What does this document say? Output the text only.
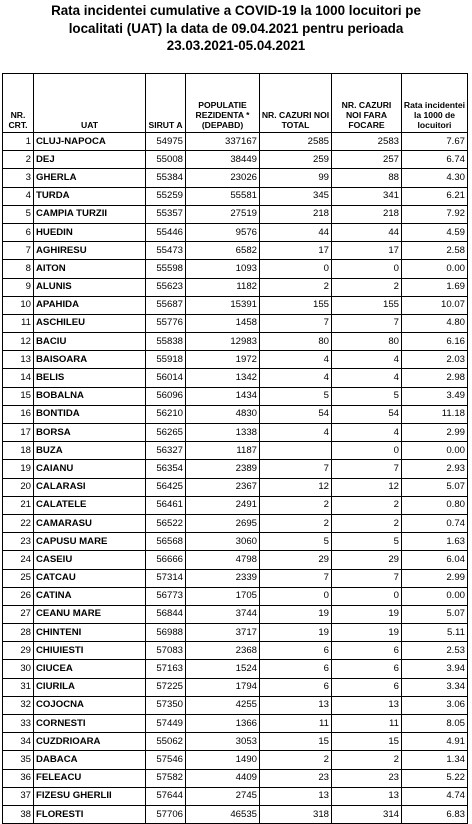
Rata incidentei cumulative a COVID-19 la 1000 locuitori pe
localitati (UAT) la data de 09.04.2021 pentru perioada
23.03.2021-05.04.2021
NR. CRT.	UAT	SIRUT A	POPULATIE REZIDENTA * (DEPABD)	NR. CAZURI NOI TOTAL	NR. CAZURI NOI FARA FOCARE	Rata incidentei la 1000 de locuitori
1	CLUJ-NAPOCA	54975	337167	2585	2583	7.67
2	DEJ	55008	38449	259	257	6.74
3	GHERLA	55384	23026	99	88	4.30
4	TURDA	55259	55581	345	341	6.21
5	CAMPIA TURZII	55357	27519	218	218	7.92
6	HUEDIN	55446	9576	44	44	4.59
7	AGHIRESU	55473	6582	17	17	2.58
8	AITON	55598	1093	0	0	0.00
9	ALUNIS	55623	1182	2	2	1.69
10	APAHIDA	55687	15391	155	155	10.07
11	ASCHILEU	55776	1458	7	7	4.80
12	BACIU	55838	12983	80	80	6.16
13	BAISOARA	55918	1972	4	4	2.03
14	BELIS	56014	1342	4	4	2.98
15	BOBALNA	56096	1434	5	5	3.49
16	BONTIDA	56210	4830	54	54	11.18
17	BORSA	56265	1338	4	4	2.99
18	BUZA	56327	1187		0	0.00
19	CAIANU	56354	2389	7	7	2.93
20	CALARASI	56425	2367	12	12	5.07
21	CALATELE	56461	2491	2	2	0.80
22	CAMARASU	56522	2695	2	2	0.74
23	CAPUSU MARE	56568	3060	5	5	1.63
24	CASEIU	56666	4798	29	29	6.04
25	CATCAU	57314	2339	7	7	2.99
26	CATINA	56773	1705	0	0	0.00
27	CEANU MARE	56844	3744	19	19	5.07
28	CHINTENI	56988	3717	19	19	5.11
29	CHIUIESTI	57083	2368	6	6	2.53
30	CIUCEA	57163	1524	6	6	3.94
31	CIURILA	57225	1794	6	6	3.34
32	COJOCNA	57350	4255	13	13	3.06
33	CORNESTI	57449	1366	11	11	8.05
34	CUZDRIOARA	55062	3053	15	15	4.91
35	DABACA	57546	1490	2	2	1.34
36	FELEACU	57582	4409	23	23	5.22
37	FIZESU GHERLII	57644	2745	13	13	4.74
38	FLORESTI	57706	46535	318	314	6.83
